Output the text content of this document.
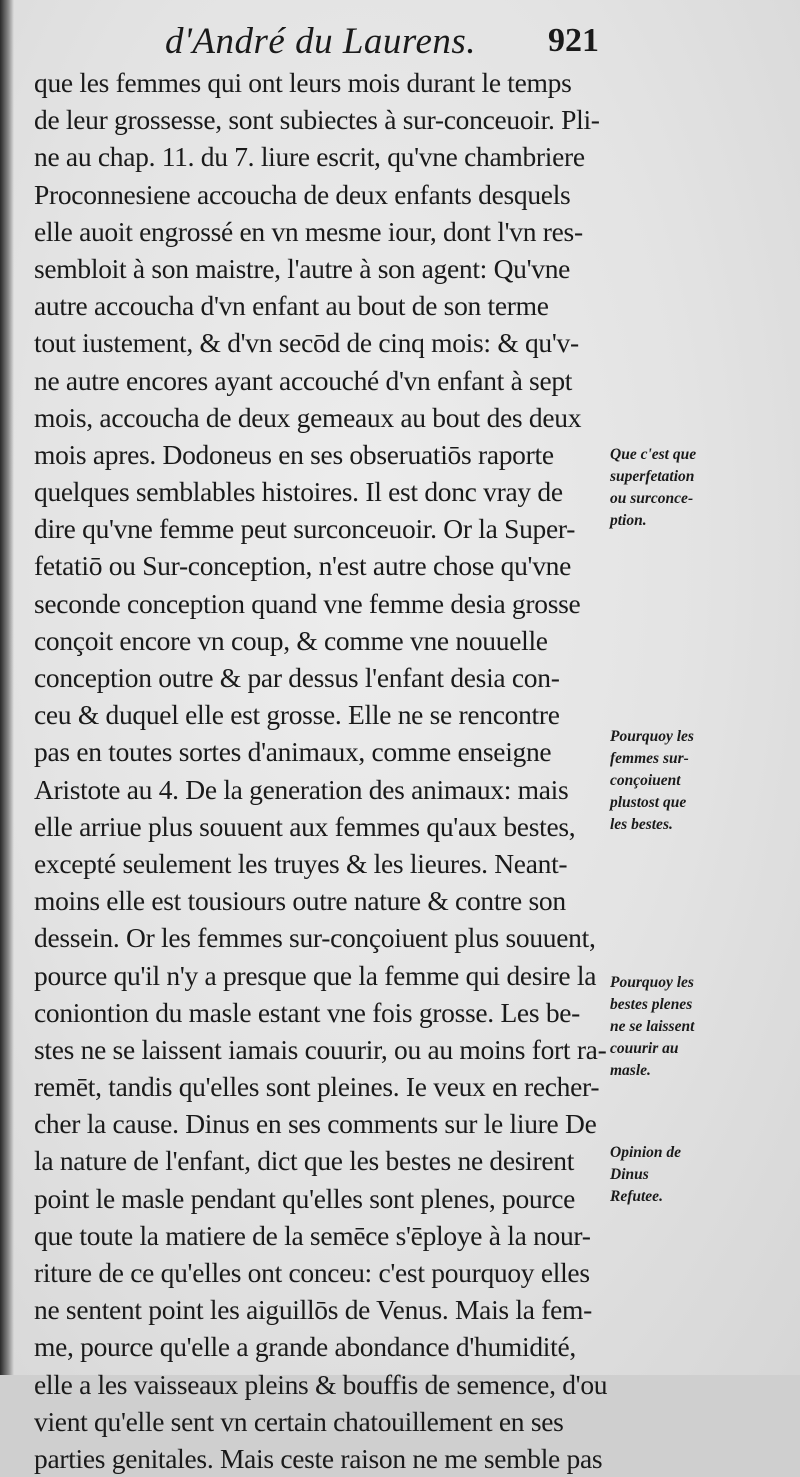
d'André du Laurens. 921
que les femmes qui ont leurs mois durant le temps
de leur grossesse, sont subiectes à sur-conceuoir. Pli-
ne au chap. 11. du 7. liure escrit, qu'vne chambriere
Proconnesiene accoucha de deux enfants desquels
elle auoit engrossé en vn mesme iour, dont l'vn res-
sembloit à son maistre, l'autre à son agent: Qu'vne
autre accoucha d'vn enfant au bout de son terme
tout iustement, & d'vn secōd de cinq mois: & qu'v-
ne autre encores ayant accouché d'vn enfant à sept
mois, accoucha de deux gemeaux au bout des deux
mois apres. Dodoneus en ses obseruatiōs raporte
quelques semblables histoires. Il est donc vray de
dire qu'vne femme peut surconceuoir. Or la Super-
fetatiō ou Sur-conception, n'est autre chose qu'vne
seconde conception quand vne femme desia grosse
conçoit encore vn coup, & comme vne nouuelle
conception outre & par dessus l'enfant desia con-
ceu & duquel elle est grosse. Elle ne se rencontre
pas en toutes sortes d'animaux, comme enseigne
Aristote au 4. De la generation des animaux: mais
elle arriue plus souuent aux femmes qu'aux bestes,
excepté seulement les truyes & les lieures. Neant-
moins elle est tousiours outre nature & contre son
dessein. Or les femmes sur-conçoiuent plus souuent,
pource qu'il n'y a presque que la femme qui desire la
coniontion du masle estant vne fois grosse. Les be-
stes ne se laissent iamais couurir, ou au moins fort ra-
remēt, tandis qu'elles sont pleines. Ie veux en recher-
cher la cause. Dinus en ses comments sur le liure De
la nature de l'enfant, dict que les bestes ne desirent
point le masle pendant qu'elles sont plenes, pource
que toute la matiere de la semēce s'ēploye à la nour-
riture de ce qu'elles ont conceu: c'est pourquoy elles
ne sentent point les aiguillōs de Venus. Mais la fem-
me, pource qu'elle a grande abondance d'humidité,
elle a les vaisseaux pleins & bouffis de semence, d'ou
vient qu'elle sent vn certain chatouillement en ses
parties genitales. Mais ceste raison ne me semble pas
Que c'est que
superfetation
ou surconce-
ption.
Pourquoy les
femmes sur-
conçoiuent
plustost que
les bestes.
Pourquoy les
bestes plenes
ne se laissent
couurir au
masle.
Opinion de
Dinus
Refutee.
